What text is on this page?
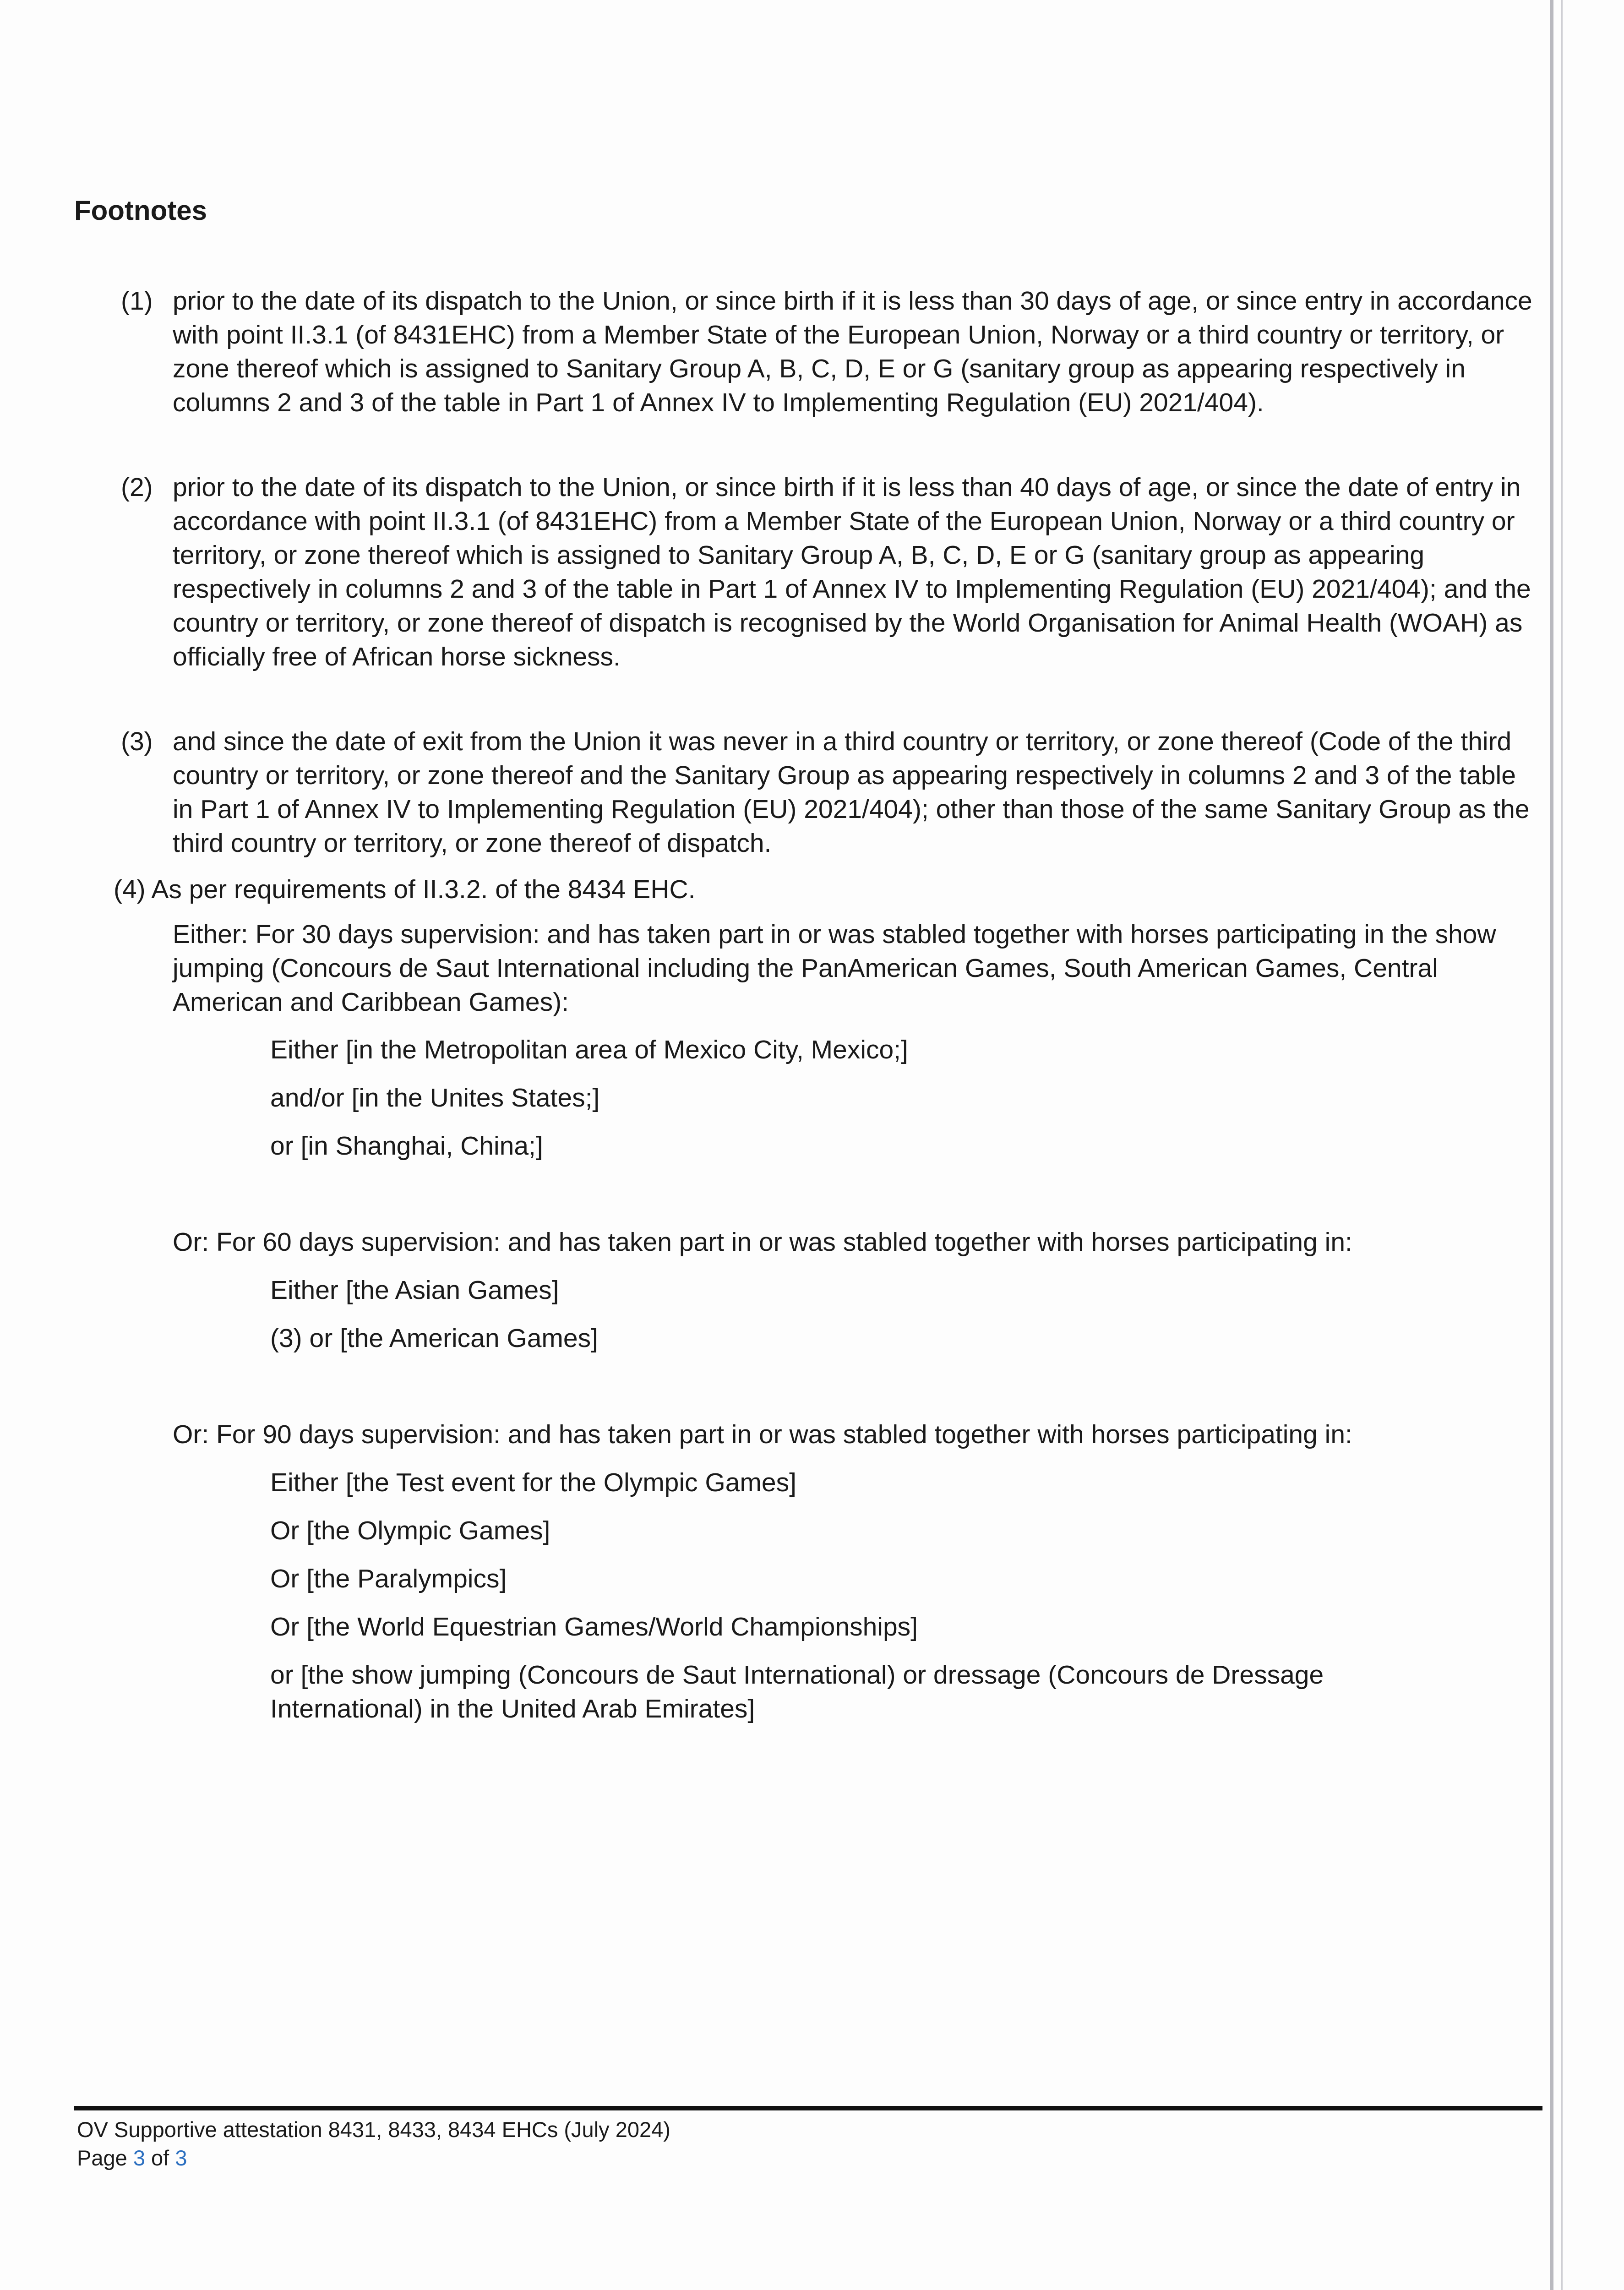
Footnotes
(1) prior to the date of its dispatch to the Union, or since birth if it is less than 30 days of age, or since entry in accordance with point II.3.1 (of 8431EHC) from a Member State of the European Union, Norway or a third country or territory, or zone thereof which is assigned to Sanitary Group A, B, C, D, E or G (sanitary group as appearing respectively in columns 2 and 3 of the table in Part 1 of Annex IV to Implementing Regulation (EU) 2021/404).

(2) prior to the date of its dispatch to the Union, or since birth if it is less than 40 days of age, or since the date of entry in accordance with point II.3.1 (of 8431EHC) from a Member State of the European Union, Norway or a third country or territory, or zone thereof which is assigned to Sanitary Group A, B, C, D, E or G (sanitary group as appearing respectively in columns 2 and 3 of the table in Part 1 of Annex IV to Implementing Regulation (EU) 2021/404); and the country or territory, or zone thereof of dispatch is recognised by the World Organisation for Animal Health (WOAH) as officially free of African horse sickness.

(3) and since the date of exit from the Union it was never in a third country or territory, or zone thereof (Code of the third country or territory, or zone thereof and the Sanitary Group as appearing respectively in columns 2 and 3 of the table in Part 1 of Annex IV to Implementing Regulation (EU) 2021/404); other than those of the same Sanitary Group as the third country or territory, or zone thereof of dispatch.

(4) As per requirements of II.3.2. of the 8434 EHC.

Either: For 30 days supervision: and has taken part in or was stabled together with horses participating in the show jumping (Concours de Saut International including the PanAmerican Games, South American Games, Central American and Caribbean Games):

Either [in the Metropolitan area of Mexico City, Mexico;]

and/or [in the Unites States;]

or [in Shanghai, China;]

Or: For 60 days supervision: and has taken part in or was stabled together with horses participating in:

Either [the Asian Games]

(3) or [the American Games]

Or: For 90 days supervision: and has taken part in or was stabled together with horses participating in:

Either [the Test event for the Olympic Games]

Or [the Olympic Games]

Or [the Paralympics]

Or [the World Equestrian Games/World Championships]

or [the show jumping (Concours de Saut International) or dressage (Concours de Dressage International) in the United Arab Emirates]

OV Supportive attestation 8431, 8433, 8434 EHCs (July 2024)
Page 3 of 3
